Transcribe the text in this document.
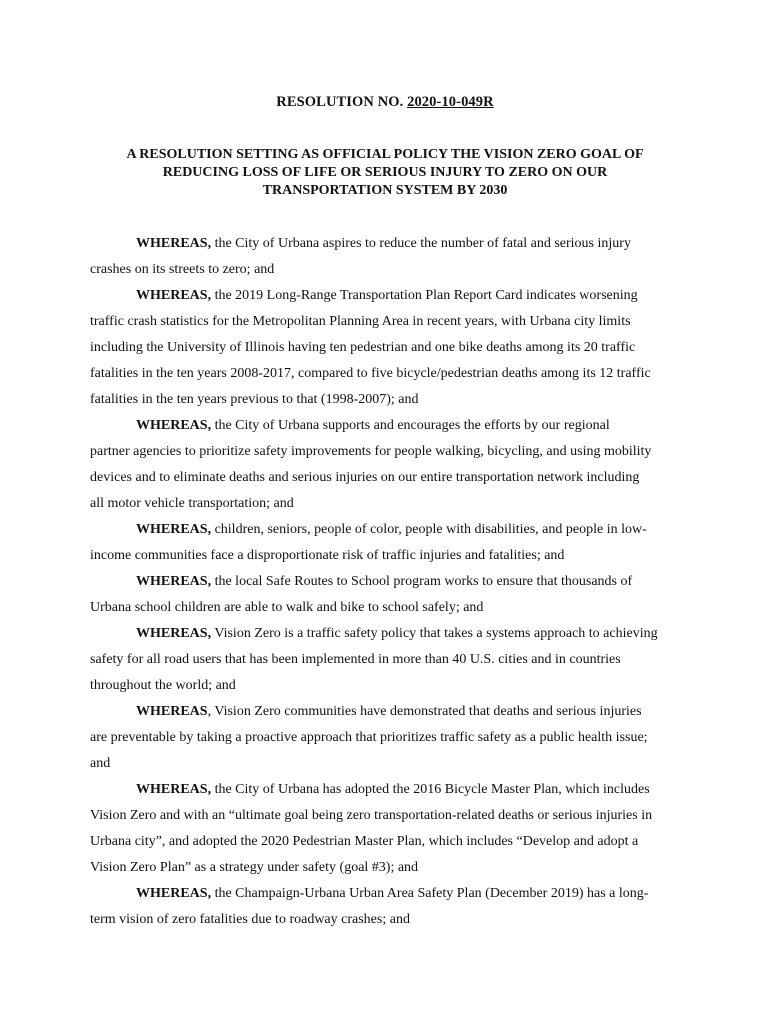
RESOLUTION NO. 2020-10-049R
A RESOLUTION SETTING AS OFFICIAL POLICY THE VISION ZERO GOAL OF
REDUCING LOSS OF LIFE OR SERIOUS INJURY TO ZERO ON OUR
TRANSPORTATION SYSTEM BY 2030
WHEREAS, the City of Urbana aspires to reduce the number of fatal and serious injury
crashes on its streets to zero; and
WHEREAS, the 2019 Long-Range Transportation Plan Report Card indicates worsening
traffic crash statistics for the Metropolitan Planning Area in recent years, with Urbana city limits
including the University of Illinois having ten pedestrian and one bike deaths among its 20 traffic
fatalities in the ten years 2008-2017, compared to five bicycle/pedestrian deaths among its 12 traffic
fatalities in the ten years previous to that (1998-2007); and
WHEREAS, the City of Urbana supports and encourages the efforts by our regional
partner agencies to prioritize safety improvements for people walking, bicycling, and using mobility
devices and to eliminate deaths and serious injuries on our entire transportation network including
all motor vehicle transportation; and
WHEREAS, children, seniors, people of color, people with disabilities, and people in low-
income communities face a disproportionate risk of traffic injuries and fatalities; and
WHEREAS, the local Safe Routes to School program works to ensure that thousands of
Urbana school children are able to walk and bike to school safely; and
WHEREAS, Vision Zero is a traffic safety policy that takes a systems approach to achieving
safety for all road users that has been implemented in more than 40 U.S. cities and in countries
throughout the world; and
WHEREAS, Vision Zero communities have demonstrated that deaths and serious injuries
are preventable by taking a proactive approach that prioritizes traffic safety as a public health issue;
and
WHEREAS, the City of Urbana has adopted the 2016 Bicycle Master Plan, which includes
Vision Zero and with an “ultimate goal being zero transportation-related deaths or serious injuries in
Urbana city”, and adopted the 2020 Pedestrian Master Plan, which includes “Develop and adopt a
Vision Zero Plan” as a strategy under safety (goal #3); and
WHEREAS, the Champaign-Urbana Urban Area Safety Plan (December 2019) has a long-
term vision of zero fatalities due to roadway crashes; and
